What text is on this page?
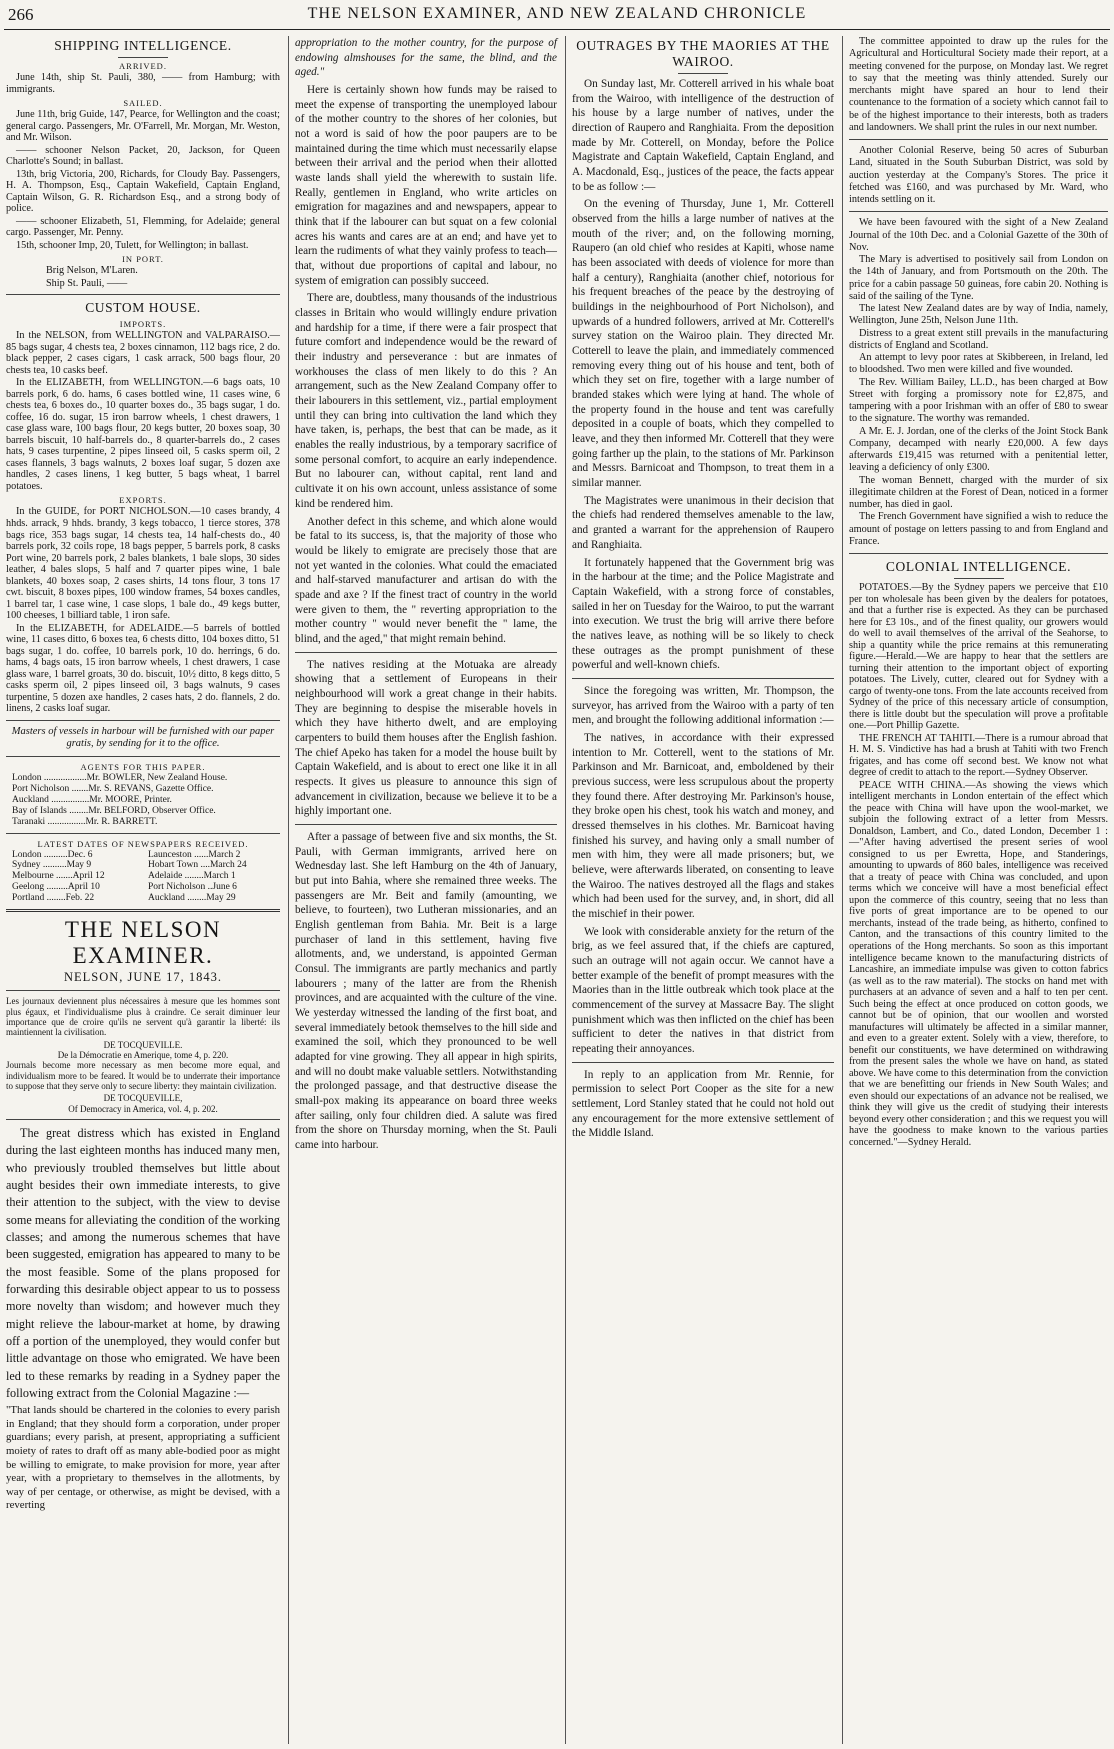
266	THE NELSON EXAMINER, AND NEW ZEALAND CHRONICLE
SHIPPING INTELLIGENCE.
ARRIVED.

June 14th, ship St. Pauli, 380, —— from Hamburg; with immigrants.

SAILED.

June 11th, brig Guide, 147, Pearce, for Wellington and the coast; general cargo. Passengers, Mr. O'Farrell, Mr. Morgan, Mr. Weston, and Mr. Wilson.

—— schooner Nelson Packet, 20, Jackson, for Queen Charlotte's Sound; in ballast.

13th, brig Victoria, 200, Richards, for Cloudy Bay. Passengers, H. A. Thompson, Esq., Captain Wakefield, Captain England, Captain Wilson, G. R. Richardson Esq., and a strong body of police.

—— schooner Elizabeth, 51, Flemming, for Adelaide; general cargo. Passenger, Mr. Penny.

15th, schooner Imp, 20, Tulett, for Wellington; in ballast.

IN PORT.

Brig Nelson, M'Laren.

Ship St. Pauli, ——

CUSTOM HOUSE.
IMPORTS.

In the NELSON, from WELLINGTON and VALPARAISO.—85 bags sugar, 4 chests tea, 2 boxes cinnamon, 112 bags rice, 2 do. black pepper, 2 cases cigars, 1 cask arrack, 500 bags flour, 20 chests tea, 10 casks beef.

In the ELIZABETH, from WELLINGTON.—6 bags oats, 10 barrels pork, 6 do. hams, 6 cases bottled wine, 11 cases wine, 6 chests tea, 6 boxes do., 10 quarter boxes do., 35 bags sugar, 1 do. coffee, 16 do. sugar, 15 iron barrow wheels, 1 chest drawers, 1 case glass ware, 100 bags flour, 20 kegs butter, 20 boxes soap, 30 barrels biscuit, 10 half-barrels do., 8 quarter-barrels do., 2 cases hats, 9 cases turpentine, 2 pipes linseed oil, 5 casks sperm oil, 2 cases flannels, 3 bags walnuts, 2 boxes loaf sugar, 5 dozen axe handles, 2 cases linens, 1 keg butter, 5 bags wheat, 1 barrel potatoes.

EXPORTS.

In the GUIDE, for PORT NICHOLSON.—10 cases brandy, 4 hhds. arrack, 9 hhds. brandy, 3 kegs tobacco, 1 tierce stores, 378 bags rice, 353 bags sugar, 14 chests tea, 14 half-chests do., 40 barrels pork, 32 coils rope, 18 bags pepper, 5 barrels pork, 8 casks Port wine, 20 barrels pork, 2 bales blankets, 1 bale slops, 30 sides leather, 4 bales slops, 5 half and 7 quarter pipes wine, 1 bale blankets, 40 boxes soap, 2 cases shirts, 14 tons flour, 3 tons 17 cwt. biscuit, 8 boxes pipes, 100 window frames, 54 boxes candles, 1 barrel tar, 1 case wine, 1 case slops, 1 bale do., 49 kegs butter, 100 cheeses, 1 billiard table, 1 iron safe.

In the ELIZABETH, for ADELAIDE.—5 barrels of bottled wine, 11 cases ditto, 6 boxes tea, 6 chests ditto, 104 boxes ditto, 51 bags sugar, 1 do. coffee, 10 barrels pork, 10 do. herrings, 6 do. hams, 4 bags oats, 15 iron barrow wheels, 1 chest drawers, 1 case glass ware, 1 barrel groats, 30 do. biscuit, 10½ ditto, 8 kegs ditto, 5 casks sperm oil, 2 pipes linseed oil, 3 bags walnuts, 9 cases turpentine, 5 dozen axe handles, 2 cases hats, 2 do. flannels, 2 do. linens, 2 casks loaf sugar.

Masters of vessels in harbour will be furnished with our paper gratis, by sending for it to the office.
AGENTS FOR THIS PAPER.
London ..................Mr. BOWLER, New Zealand House.
Port Nicholson .......Mr. S. REVANS, Gazette Office.
Auckland ................Mr. MOORE, Printer.
Bay of Islands ........Mr. BELFORD, Observer Office.
Taranaki ................Mr. R. BARRETT.
LATEST DATES OF NEWSPAPERS RECEIVED.
London ..........Dec. 6	Launceston ......March 2
Sydney ..........May 9	Hobart Town ....March 24
Melbourne .......April 12	Adelaide ........March 1
Geelong .........April 10	Port Nicholson ..June 6
Portland ........Feb. 22	Auckland ........May 29
THE NELSON EXAMINER.
NELSON, JUNE 17, 1843.

Les journaux deviennent plus nécessaires à mesure que les hommes sont plus égaux, et l'individualisme plus à craindre. Ce serait diminuer leur importance que de croire qu'ils ne servent qu'à garantir la liberté: ils maintiennent la civilisation.

DE TOCQUEVILLE.

De la Démocratie en Amerique, tome 4, p. 220.

Journals become more necessary as men become more equal, and individualism more to be feared. It would be to underrate their importance to suppose that they serve only to secure liberty: they maintain civilization.

DE TOCQUEVILLE,

Of Democracy in America, vol. 4, p. 202.

The great distress which has existed in England during the last eighteen months has induced many men, who previously troubled themselves but little about aught besides their own immediate interests, to give their attention to the subject, with the view to devise some means for alleviating the condition of the working classes; and among the numerous schemes that have been suggested, emigration has appeared to many to be the most feasible. Some of the plans proposed for forwarding this desirable object appear to us to possess more novelty than wisdom; and however much they might relieve the labour-market at home, by drawing off a portion of the unemployed, they would confer but little advantage on those who emigrated. We have been led to these remarks by reading in a Sydney paper the following extract from the Colonial Magazine :—

"That lands should be chartered in the colonies to every parish in England; that they should form a corporation, under proper guardians; every parish, at present, appropriating a sufficient moiety of rates to draft off as many able-bodied poor as might be willing to emigrate, to make provision for more, year after year, with a proprietary to themselves in the allotments, by way of per centage, or otherwise, as might be devised, with a reverting

appropriation to the mother country, for the purpose of endowing almshouses for the same, the blind, and the aged."

Here is certainly shown how funds may be raised to meet the expense of transporting the unemployed labour of the mother country to the shores of her colonies, but not a word is said of how the poor paupers are to be maintained during the time which must necessarily elapse between their arrival and the period when their allotted waste lands shall yield the wherewith to sustain life. Really, gentlemen in England, who write articles on emigration for magazines and and newspapers, appear to think that if the labourer can but squat on a few colonial acres his wants and cares are at an end; and have yet to learn the rudiments of what they vainly profess to teach—that, without due proportions of capital and labour, no system of emigration can possibly succeed.

There are, doubtless, many thousands of the industrious classes in Britain who would willingly endure privation and hardship for a time, if there were a fair prospect that future comfort and independence would be the reward of their industry and perseverance : but are inmates of workhouses the class of men likely to do this ? An arrangement, such as the New Zealand Company offer to their labourers in this settlement, viz., partial employment until they can bring into cultivation the land which they have taken, is, perhaps, the best that can be made, as it enables the really industrious, by a temporary sacrifice of some personal comfort, to acquire an early independence. But no labourer can, without capital, rent land and cultivate it on his own account, unless assistance of some kind be rendered him.

Another defect in this scheme, and which alone would be fatal to its success, is, that the majority of those who would be likely to emigrate are precisely those that are not yet wanted in the colonies. What could the emaciated and half-starved manufacturer and artisan do with the spade and axe ? If the finest tract of country in the world were given to them, the " reverting appropriation to the mother country " would never benefit the " lame, the blind, and the aged," that might remain behind.

The natives residing at the Motuaka are already showing that a settlement of Europeans in their neighbourhood will work a great change in their habits. They are beginning to despise the miserable hovels in which they have hitherto dwelt, and are employing carpenters to build them houses after the English fashion. The chief Apeko has taken for a model the house built by Captain Wakefield, and is about to erect one like it in all respects. It gives us pleasure to announce this sign of advancement in civilization, because we believe it to be a highly important one.

After a passage of between five and six months, the St. Pauli, with German immigrants, arrived here on Wednesday last. She left Hamburg on the 4th of January, but put into Bahia, where she remained three weeks. The passengers are Mr. Beit and family (amounting, we believe, to fourteen), two Lutheran missionaries, and an English gentleman from Bahia. Mr. Beit is a large purchaser of land in this settlement, having five allotments, and, we understand, is appointed German Consul. The immigrants are partly mechanics and partly labourers ; many of the latter are from the Rhenish provinces, and are acquainted with the culture of the vine. We yesterday witnessed the landing of the first boat, and several immediately betook themselves to the hill side and examined the soil, which they pronounced to be well adapted for vine growing. They all appear in high spirits, and will no doubt make valuable settlers. Notwithstanding the prolonged passage, and that destructive disease the small-pox making its appearance on board three weeks after sailing, only four children died. A salute was fired from the shore on Thursday morning, when the St. Pauli came into harbour.

OUTRAGES BY THE MAORIES AT THE WAIROO.

On Sunday last, Mr. Cotterell arrived in his whale boat from the Wairoo, with intelligence of the destruction of his house by a large number of natives, under the direction of Raupero and Ranghiaita. From the deposition made by Mr. Cotterell, on Monday, before the Police Magistrate and Captain Wakefield, Captain England, and A. Macdonald, Esq., justices of the peace, the facts appear to be as follow :—

On the evening of Thursday, June 1, Mr. Cotterell observed from the hills a large number of natives at the mouth of the river; and, on the following morning, Raupero (an old chief who resides at Kapiti, whose name has been associated with deeds of violence for more than half a century), Ranghiaita (another chief, notorious for his frequent breaches of the peace by the destroying of buildings in the neighbourhood of Port Nicholson), and upwards of a hundred followers, arrived at Mr. Cotterell's survey station on the Wairoo plain. They directed Mr. Cotterell to leave the plain, and immediately commenced removing every thing out of his house and tent, both of which they set on fire, together with a large number of branded stakes which were lying at hand. The whole of the property found in the house and tent was carefully deposited in a couple of boats, which they compelled to leave, and they then informed Mr. Cotterell that they were going farther up the plain, to the stations of Mr. Parkinson and Messrs. Barnicoat and Thompson, to treat them in a similar manner.

The Magistrates were unanimous in their decision that the chiefs had rendered themselves amenable to the law, and granted a warrant for the apprehension of Raupero and Ranghiaita.

It fortunately happened that the Government brig was in the harbour at the time; and the Police Magistrate and Captain Wakefield, with a strong force of constables, sailed in her on Tuesday for the Wairoo, to put the warrant into execution. We trust the brig will arrive there before the natives leave, as nothing will be so likely to check these outrages as the prompt punishment of these powerful and well-known chiefs.

Since the foregoing was written, Mr. Thompson, the surveyor, has arrived from the Wairoo with a party of ten men, and brought the following additional information :—

The natives, in accordance with their expressed intention to Mr. Cotterell, went to the stations of Mr. Parkinson and Mr. Barnicoat, and, emboldened by their previous success, were less scrupulous about the property they found there. After destroying Mr. Parkinson's house, they broke open his chest, took his watch and money, and dressed themselves in his clothes. Mr. Barnicoat having finished his survey, and having only a small number of men with him, they were all made prisoners; but, we believe, were afterwards liberated, on consenting to leave the Wairoo. The natives destroyed all the flags and stakes which had been used for the survey, and, in short, did all the mischief in their power.

We look with considerable anxiety for the return of the brig, as we feel assured that, if the chiefs are captured, such an outrage will not again occur. We cannot have a better example of the benefit of prompt measures with the Maories than in the little outbreak which took place at the commencement of the survey at Massacre Bay. The slight punishment which was then inflicted on the chief has been sufficient to deter the natives in that district from repeating their annoyances.

In reply to an application from Mr. Rennie, for permission to select Port Cooper as the site for a new settlement, Lord Stanley stated that he could not hold out any encouragement for the more extensive settlement of the Middle Island.

The committee appointed to draw up the rules for the Agricultural and Horticultural Society made their report, at a meeting convened for the purpose, on Monday last. We regret to say that the meeting was thinly attended. Surely our merchants might have spared an hour to lend their countenance to the formation of a society which cannot fail to be of the highest importance to their interests, both as traders and landowners. We shall print the rules in our next number.

Another Colonial Reserve, being 50 acres of Suburban Land, situated in the South Suburban District, was sold by auction yesterday at the Company's Stores. The price it fetched was £160, and was purchased by Mr. Ward, who intends settling on it.

We have been favoured with the sight of a New Zealand Journal of the 10th Dec. and a Colonial Gazette of the 30th of Nov.

The Mary is advertised to positively sail from London on the 14th of January, and from Portsmouth on the 20th. The price for a cabin passage 50 guineas, fore cabin 20. Nothing is said of the sailing of the Tyne.

The latest New Zealand dates are by way of India, namely, Wellington, June 25th, Nelson June 11th.

Distress to a great extent still prevails in the manufacturing districts of England and Scotland.

An attempt to levy poor rates at Skibbereen, in Ireland, led to bloodshed. Two men were killed and five wounded.

The Rev. William Bailey, LL.D., has been charged at Bow Street with forging a promissory note for £2,875, and tampering with a poor Irishman with an offer of £80 to swear to the signature. The worthy was remanded.

A Mr. E. J. Jordan, one of the clerks of the Joint Stock Bank Company, decamped with nearly £20,000. A few days afterwards £19,415 was returned with a penitential letter, leaving a deficiency of only £300.

The woman Bennett, charged with the murder of six illegitimate children at the Forest of Dean, noticed in a former number, has died in gaol.

The French Government have signified a wish to reduce the amount of postage on letters passing to and from England and France.

COLONIAL INTELLIGENCE.

POTATOES.—By the Sydney papers we perceive that £10 per ton wholesale has been given by the dealers for potatoes, and that a further rise is expected. As they can be purchased here for £3 10s., and of the finest quality, our growers would do well to avail themselves of the arrival of the Seahorse, to ship a quantity while the price remains at this remunerating figure.—Herald.—We are happy to hear that the settlers are turning their attention to the important object of exporting potatoes. The Lively, cutter, cleared out for Sydney with a cargo of twenty-one tons. From the late accounts received from Sydney of the price of this necessary article of consumption, there is little doubt but the speculation will prove a profitable one.—Port Phillip Gazette.

THE FRENCH AT TAHITI.—There is a rumour abroad that H. M. S. Vindictive has had a brush at Tahiti with two French frigates, and has come off second best. We know not what degree of credit to attach to the report.—Sydney Observer.

PEACE WITH CHINA.—As showing the views which intelligent merchants in London entertain of the effect which the peace with China will have upon the wool-market, we subjoin the following extract of a letter from Messrs. Donaldson, Lambert, and Co., dated London, December 1 :—"After having advertised the present series of wool consigned to us per Ewretta, Hope, and Standerings, amounting to upwards of 860 bales, intelligence was received that a treaty of peace with China was concluded, and upon terms which we conceive will have a most beneficial effect upon the commerce of this country, seeing that no less than five ports of great importance are to be opened to our merchants, instead of the trade being, as hitherto, confined to Canton, and the transactions of this country limited to the operations of the Hong merchants. So soon as this important intelligence became known to the manufacturing districts of Lancashire, an immediate impulse was given to cotton fabrics (as well as to the raw material). The stocks on hand met with purchasers at an advance of seven and a half to ten per cent. Such being the effect at once produced on cotton goods, we cannot but be of opinion, that our woollen and worsted manufactures will ultimately be affected in a similar manner, and even to a greater extent. Solely with a view, therefore, to benefit our constituents, we have determined on withdrawing from the present sales the whole we have on hand, as stated above. We have come to this determination from the conviction that we are benefitting our friends in New South Wales; and even should our expectations of an advance not be realised, we think they will give us the credit of studying their interests beyond every other consideration ; and this we request you will have the goodness to make known to the various parties concerned."—Sydney Herald.
